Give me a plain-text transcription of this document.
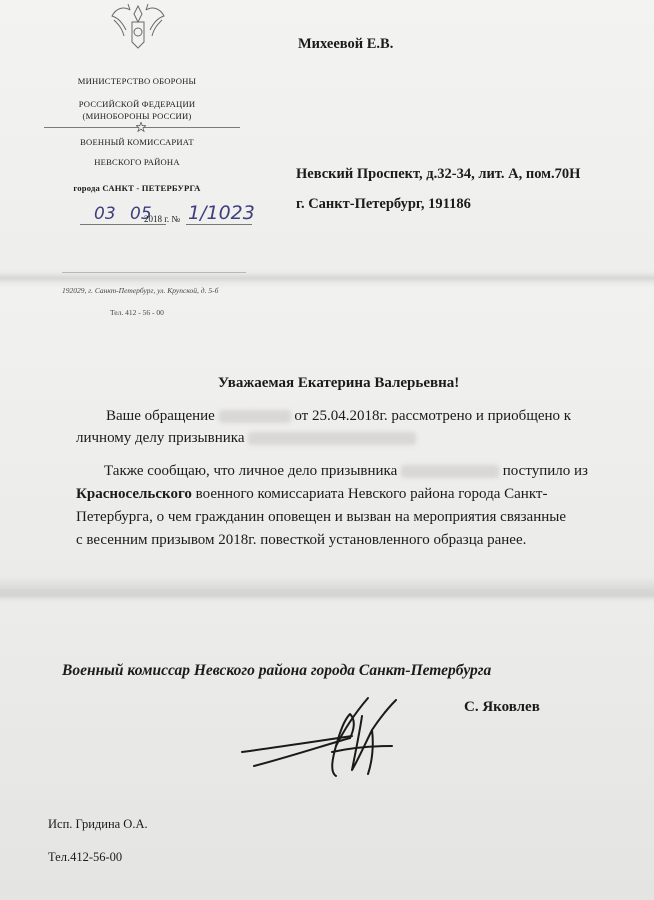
МИНИСТЕРСТВО ОБОРОНЫ
РОССИЙСКОЙ ФЕДЕРАЦИИ
(МИНОБОРОНЫ РОССИИ)
ВОЕННЫЙ КОМИССАРИАТ
НЕВСКОГО РАЙОНА
города САНКТ - ПЕТЕРБУРГА
03 05
2018 г. № 1/1023
192029, г. Санкт-Петербург, ул. Крупской, д. 5-б
Тел. 412 - 56 - 00
Михеевой Е.В.
Невский Проспект, д.32-34, лит. А, пом.70Н
г. Санкт-Петербург, 191186
Уважаемая Екатерина Валерьевна!
Ваше обращение	от 25.04.2018г. рассмотрено и приобщено к
личному делу призывника
Также сообщаю, что личное дело призывника	поступило из
Красносельского военного комиссариата Невского района города Санкт-
Петербурга, о чем гражданин оповещен и вызван на мероприятия связанные
с весенним призывом 2018г. повесткой установленного образца ранее.
Военный комиссар Невского района города Санкт-Петербурга
С. Яковлев
Исп. Гридина О.А.
Тел.412-56-00
